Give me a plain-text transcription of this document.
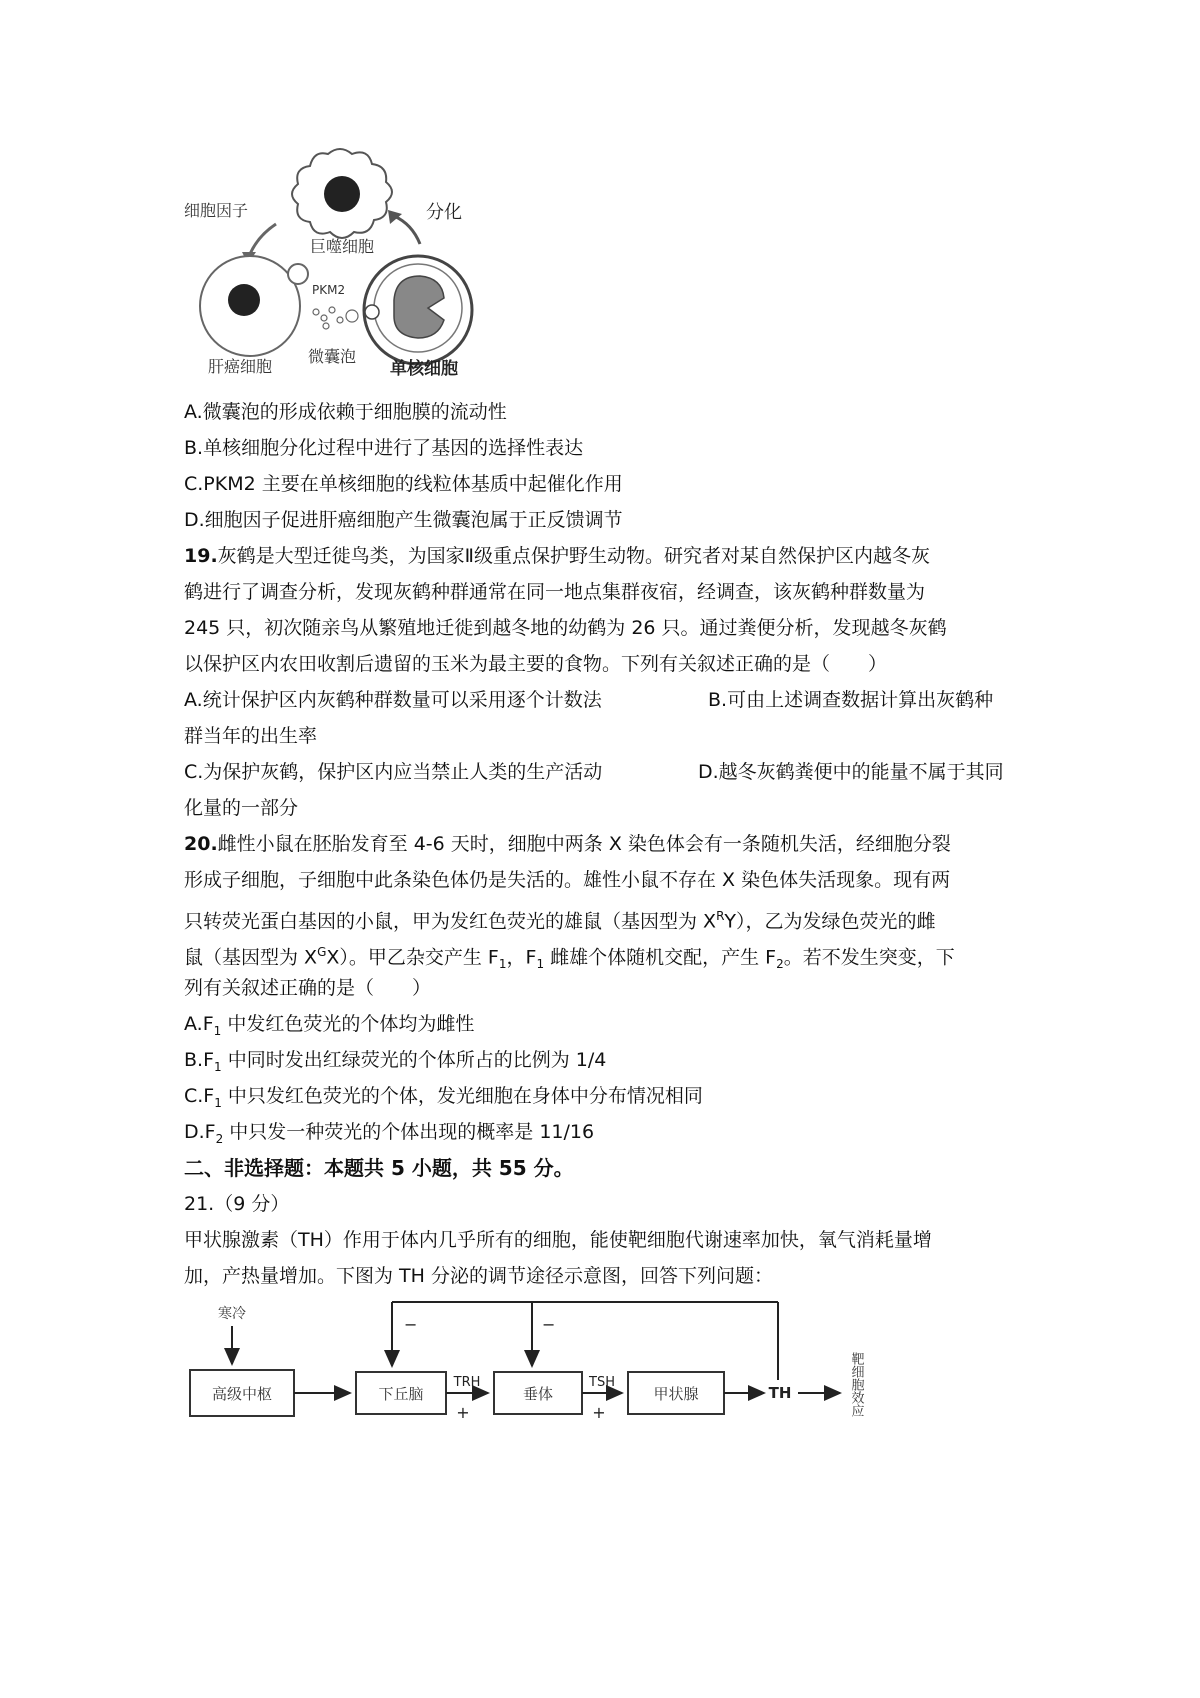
巨噬细胞
细胞因子	分化
肝癌细胞
PKM2
微囊泡
单核细胞
A.微囊泡的形成依赖于细胞膜的流动性
B.单核细胞分化过程中进行了基因的选择性表达
C.PKM2 主要在单核细胞的线粒体基质中起催化作用
D.细胞因子促进肝癌细胞产生微囊泡属于正反馈调节
19.灰鹤是大型迁徙鸟类，为国家Ⅱ级重点保护野生动物。研究者对某自然保护区内越冬灰
鹤进行了调查分析，发现灰鹤种群通常在同一地点集群夜宿，经调查，该灰鹤种群数量为
245 只，初次随亲鸟从繁殖地迁徙到越冬地的幼鹤为 26 只。通过粪便分析，发现越冬灰鹤
以保护区内农田收割后遗留的玉米为最主要的食物。下列有关叙述正确的是（　　）
A.统计保护区内灰鹤种群数量可以采用逐个计数法	B.可由上述调查数据计算出灰鹤种
群当年的出生率
C.为保护灰鹤，保护区内应当禁止人类的生产活动	D.越冬灰鹤粪便中的能量不属于其同
化量的一部分
20.雌性小鼠在胚胎发育至 4-6 天时，细胞中两条 X 染色体会有一条随机失活，经细胞分裂
形成子细胞，子细胞中此条染色体仍是失活的。雄性小鼠不存在 X 染色体失活现象。现有两
只转荧光蛋白基因的小鼠，甲为发红色荧光的雄鼠（基因型为 $X^RY$），乙为发绿色荧光的雌
鼠（基因型为 $X^GX$）。甲乙杂交产生 $F_1$，$F_1$ 雌雄个体随机交配，产生 $F_2$。若不发生突变，下
列有关叙述正确的是（　　）
$A.F_1$ 中发红色荧光的个体均为雌性
$B.F_1$ 中同时发出红绿荧光的个体所占的比例为 1/4
$C.F_1$ 中只发红色荧光的个体，发光细胞在身体中分布情况相同
$D.F_2$ 中只发一种荧光的个体出现的概率是 11/16
二、非选择题：本题共 5 小题，共 55 分。
21.（9 分）
甲状腺激素（TH）作用于体内几乎所有的细胞，能使靶细胞代谢速率加快，氧气消耗量增
加，产热量增加。下图为 TH 分泌的调节途径示意图，回答下列问题：
寒冷
高级中枢	下丘脑	垂体	甲状腺
TRH
+
TSH
+
TH	靶细胞效应
−	−
